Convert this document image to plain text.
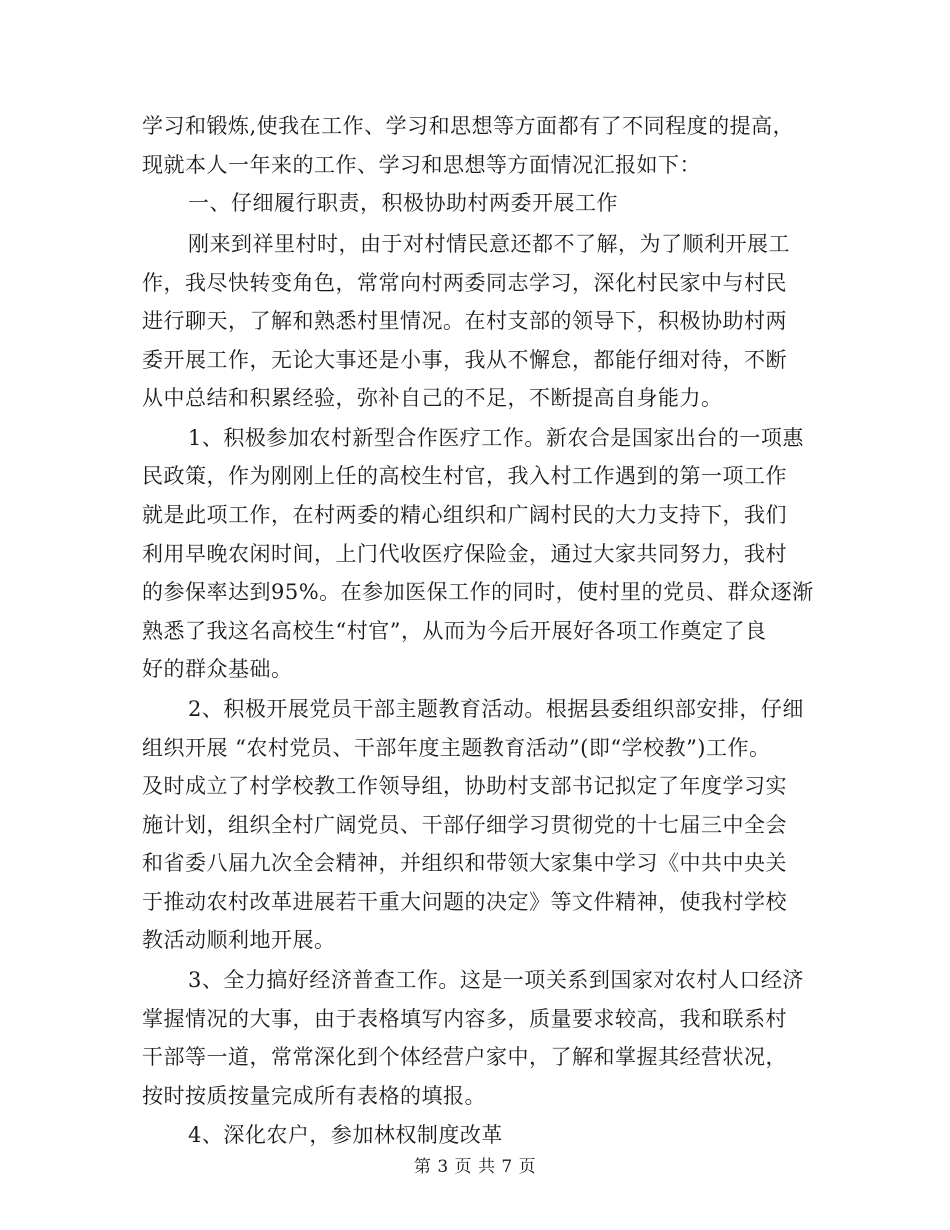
学习和锻炼,使我在工作、学习和思想等方面都有了不同程度的提高，
现就本人一年来的工作、学习和思想等方面情况汇报如下：
一、仔细履行职责，积极协助村两委开展工作
刚来到祥里村时，由于对村情民意还都不了解，为了顺利开展工
作，我尽快转变角色，常常向村两委同志学习，深化村民家中与村民
进行聊天，了解和熟悉村里情况。在村支部的领导下，积极协助村两
委开展工作，无论大事还是小事，我从不懈怠，都能仔细对待，不断
从中总结和积累经验，弥补自己的不足，不断提高自身能力。
1、积极参加农村新型合作医疗工作。新农合是国家出台的一项惠
民政策，作为刚刚上任的高校生村官，我入村工作遇到的第一项工作
就是此项工作，在村两委的精心组织和广阔村民的大力支持下，我们
利用早晚农闲时间，上门代收医疗保险金，通过大家共同努力，我村
的参保率达到95%。在参加医保工作的同时，使村里的党员、群众逐渐
熟悉了我这名高校生“村官”，从而为今后开展好各项工作奠定了良
好的群众基础。
2、积极开展党员干部主题教育活动。根据县委组织部安排，仔细
组织开展 “农村党员、干部年度主题教育活动”(即“学校教”)工作。
及时成立了村学校教工作领导组，协助村支部书记拟定了年度学习实
施计划，组织全村广阔党员、干部仔细学习贯彻党的十七届三中全会
和省委八届九次全会精神，并组织和带领大家集中学习《中共中央关
于推动农村改革进展若干重大问题的决定》等文件精神，使我村学校
教活动顺利地开展。
3、全力搞好经济普查工作。这是一项关系到国家对农村人口经济
掌握情况的大事，由于表格填写内容多，质量要求较高，我和联系村
干部等一道，常常深化到个体经营户家中，了解和掌握其经营状况，
按时按质按量完成所有表格的填报。
4、深化农户，参加林权制度改革
第 3 页 共 7 页
